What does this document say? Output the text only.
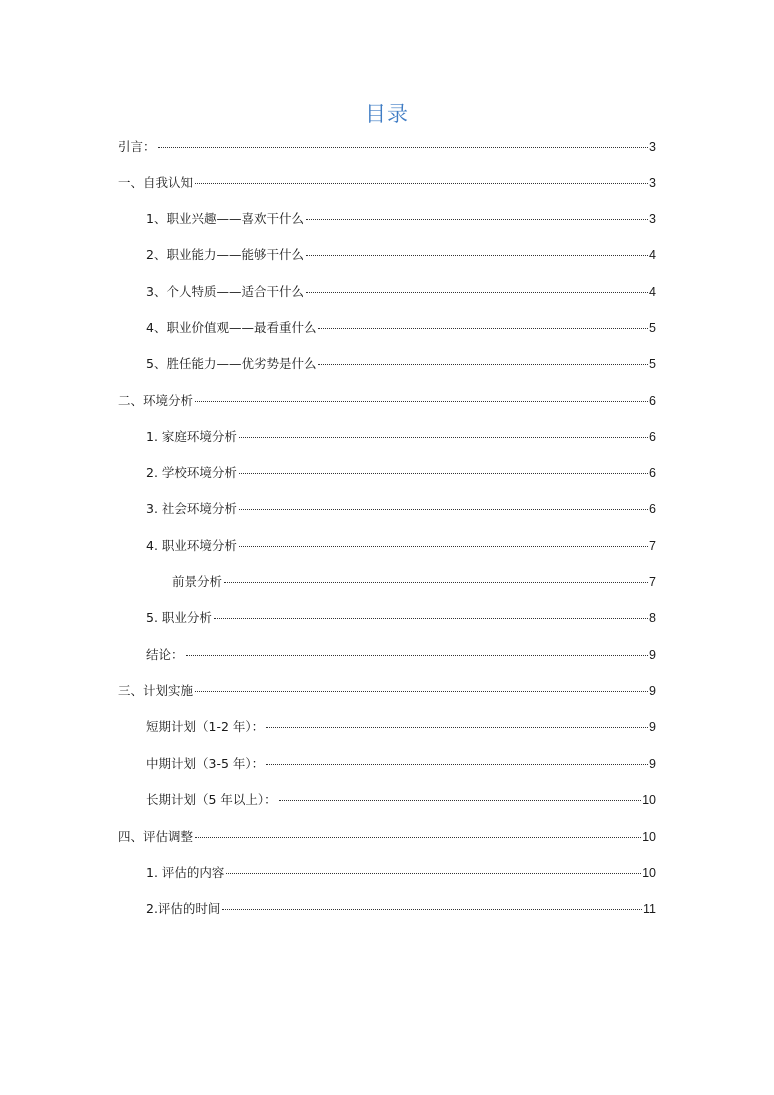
目录
引言：	3
一、自我认知	3
1、职业兴趣——喜欢干什么	3
2、职业能力——能够干什么	4
3、个人特质——适合干什么	4
4、职业价值观——最看重什么	5
5、胜任能力——优劣势是什么	5
二、环境分析	6
1. 家庭环境分析	6
2. 学校环境分析	6
3. 社会环境分析	6
4. 职业环境分析	7
前景分析	7
5. 职业分析	8
结论：	9
三、计划实施	9
短期计划（1-2 年）：	9
中期计划（3-5 年）：	9
长期计划（5 年以上）：	10
四、评估调整	10
1. 评估的内容	10
2.评估的时间	11
